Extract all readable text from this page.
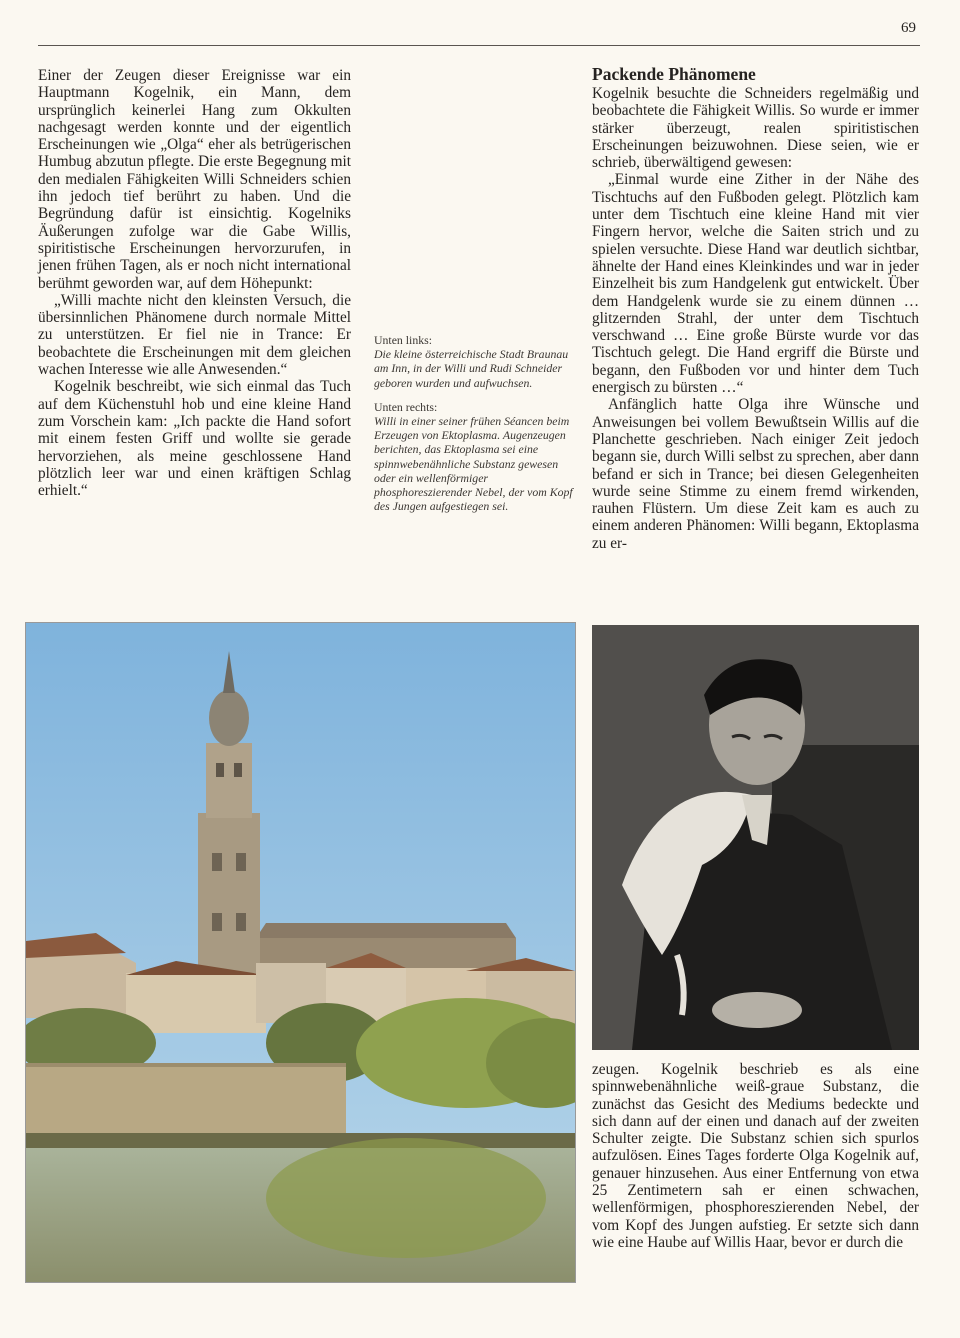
69

Einer der Zeugen dieser Ereignisse war ein Hauptmann Kogelnik, ein Mann, dem ursprünglich keinerlei Hang zum Okkulten nachgesagt werden konnte und der eigentlich Erscheinungen wie „Olga“ eher als betrügerischen Humbug abzutun pflegte. Die erste Begegnung mit den medialen Fähigkeiten Willi Schneiders schien ihn jedoch tief berührt zu haben. Und die Begründung dafür ist einsichtig. Kogelniks Äußerungen zufolge war die Gabe Willis, spiritistische Erscheinungen hervorzurufen, in jenen frühen Tagen, als er noch nicht international berühmt geworden war, auf dem Höhepunkt:

„Willi machte nicht den kleinsten Versuch, die übersinnlichen Phänomene durch normale Mittel zu unterstützen. Er fiel nie in Trance: Er beobachtete die Erscheinungen mit dem gleichen wachen Interesse wie alle Anwesenden.“

Kogelnik beschreibt, wie sich einmal das Tuch auf dem Küchenstuhl hob und eine kleine Hand zum Vorschein kam: „Ich packte die Hand sofort mit einem festen Griff und wollte sie gerade hervorziehen, als meine geschlossene Hand plötzlich leer war und einen kräftigen Schlag erhielt.“

Unten links:
Die kleine österreichische Stadt Braunau am Inn, in der Willi und Rudi Schneider geboren wurden und aufwuchsen.
Unten rechts:
Willi in einer seiner frühen Séancen beim Erzeugen von Ektoplasma. Augenzeugen berichten, das Ektoplasma sei eine spinnwebenähnliche Substanz gewesen oder ein wellenförmiger phosphoreszierender Nebel, der vom Kopf des Jungen aufgestiegen sei.
Packende Phänomene

Kogelnik besuchte die Schneiders regelmäßig und beobachtete die Fähigkeit Willis. So wurde er immer stärker überzeugt, realen spiritistischen Erscheinungen beizuwohnen. Diese seien, wie er schrieb, überwältigend gewesen:

„Einmal wurde eine Zither in der Nähe des Tischtuchs auf den Fußboden gelegt. Plötzlich kam unter dem Tischtuch eine kleine Hand mit vier Fingern hervor, welche die Saiten strich und zu spielen versuchte. Diese Hand war deutlich sichtbar, ähnelte der Hand eines Kleinkindes und war in jeder Einzelheit bis zum Handgelenk gut entwickelt. Über dem Handgelenk wurde sie zu einem dünnen … glitzernden Strahl, der unter dem Tischtuch verschwand … Eine große Bürste wurde vor das Tischtuch gelegt. Die Hand ergriff die Bürste und begann, den Fußboden vor und hinter dem Tuch energisch zu bürsten …“

Anfänglich hatte Olga ihre Wünsche und Anweisungen bei vollem Bewußtsein Willis auf die Planchette geschrieben. Nach einiger Zeit jedoch begann sie, durch Willi selbst zu sprechen, aber dann befand er sich in Trance; bei diesen Gelegenheiten wurde seine Stimme zu einem fremd wirkenden, rauhen Flüstern. Um diese Zeit kam es auch zu einem anderen Phänomen: Willi begann, Ektoplasma zu er-

zeugen. Kogelnik beschrieb es als eine spinnwebenähnliche weiß-graue Substanz, die zunächst das Gesicht des Mediums bedeckte und sich dann auf der einen und danach auf der zweiten Schulter zeigte. Die Substanz schien sich spurlos aufzulösen. Eines Tages forderte Olga Kogelnik auf, genauer hinzusehen. Aus einer Entfernung von etwa 25 Zentimetern sah er einen schwachen, wellenförmigen, phosphoreszierenden Nebel, der vom Kopf des Jungen aufstieg. Er setzte sich dann wie eine Haube auf Willis Haar, bevor er durch die
